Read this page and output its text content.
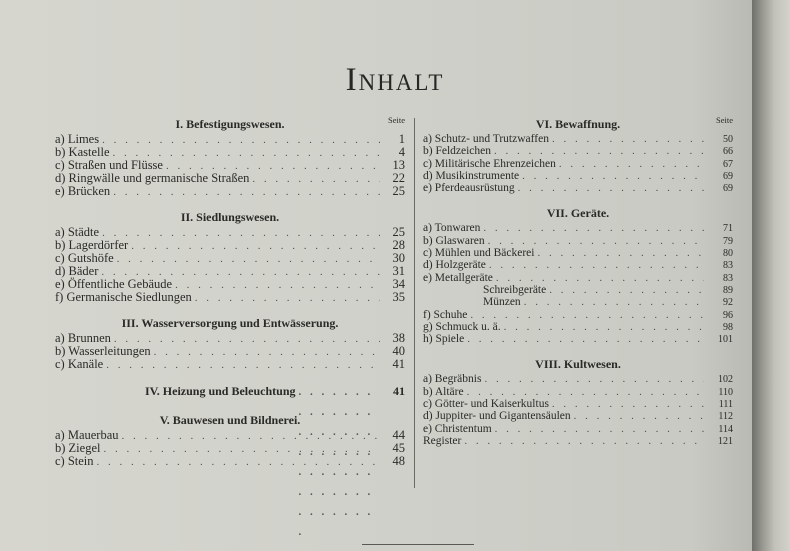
Inhalt
I. Befestigungswesen.	Seite
a) Limes . . .	1
b) Kastelle . . .	4
c) Straßen und Flüsse . . .	13
d) Ringwälle und germanische Straßen . . .	22
e) Brücken . . .	25
II. Siedlungswesen.
a) Städte . . .	25
b) Lagerdörfer . . .	28
c) Gutshöfe . . .	30
d) Bäder . . .	31
e) Öffentliche Gebäude . . .	34
f) Germanische Siedlungen . . .	35
III. Wasserversorgung und Entwässerung.
a) Brunnen . . .	38
b) Wasserleitungen . . .	40
c) Kanäle . . .	41
IV. Heizung und Beleuchtung . . .	41
V. Bauwesen und Bildnerei.
a) Mauerbau . . .	44
b) Ziegel . . .	45
c) Stein . . .	48
VI. Bewaffnung.	Seite
a) Schutz- und Trutzwaffen . . .	50
b) Feldzeichen . . .	66
c) Militärische Ehrenzeichen . . .	67
d) Musikinstrumente . . .	69
e) Pferdeausrüstung . . .	69
VII. Geräte.
a) Tonwaren . . .	71
b) Glaswaren . . .	79
c) Mühlen und Bäckerei . . .	80
d) Holzgeräte . . .	83
e) Metallgeräte . . .	83
Schreibgeräte . . .	89
Münzen . . .	92
f) Schuhe . . .	96
g) Schmuck u. ä. . . .	98
h) Spiele . . .	101
VIII. Kultwesen.
a) Begräbnis . . .	102
b) Altäre . . .	110
c) Götter- und Kaiserkultus . . .	111
d) Juppiter- und Gigantensäulen . . .	112
e) Christentum . . .	114
Register . . .	121
